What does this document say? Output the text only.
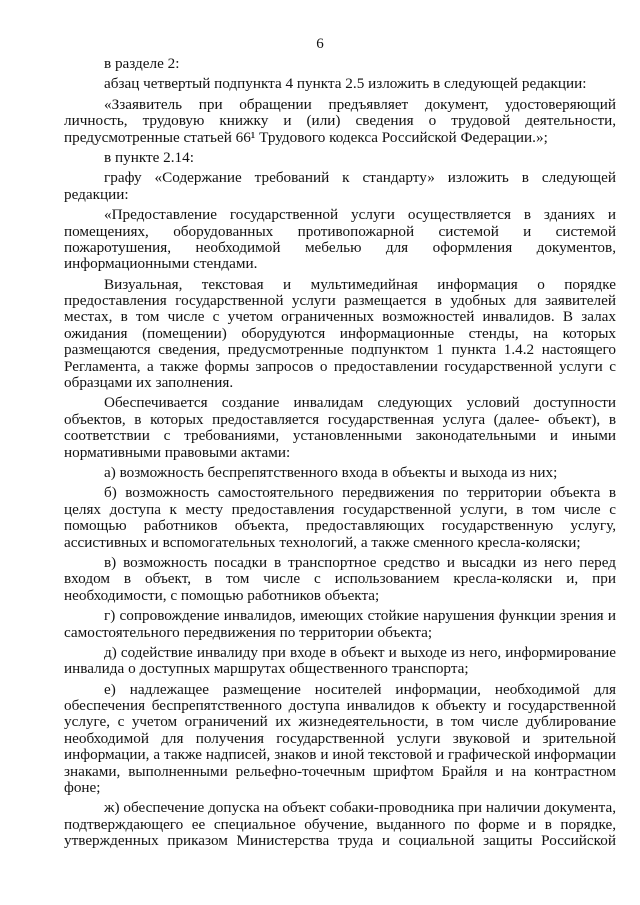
6
в разделе 2:
абзац четвертый подпункта 4 пункта 2.5 изложить в следующей редакции:
«Ззаявитель при обращении предъявляет документ, удостоверяющий
личность, трудовую книжку и (или) сведения о трудовой деятельности,
предусмотренные статьей 66¹ Трудового кодекса Российской Федерации.»;
в пункте 2.14:
графу «Содержание требований к стандарту» изложить в следующей
редакции:
«Предоставление государственной услуги осуществляется в зданиях и
помещениях, оборудованных противопожарной системой и системой
пожаротушения, необходимой мебелью для оформления документов,
информационными стендами.
Визуальная, текстовая и мультимедийная информация о порядке
предоставления государственной услуги размещается в удобных для заявителей
местах, в том числе с учетом ограниченных возможностей инвалидов. В залах
ожидания (помещении) оборудуются информационные стенды, на которых
размещаются сведения, предусмотренные подпунктом 1 пункта 1.4.2 настоящего
Регламента, а также формы запросов о предоставлении государственной услуги с
образцами их заполнения.
Обеспечивается создание инвалидам следующих условий доступности
объектов, в которых предоставляется государственная услуга (далее- объект), в
соответствии с требованиями, установленными законодательными и иными
нормативными правовыми актами:
а) возможность беспрепятственного входа в объекты и выхода из них;
б) возможность самостоятельного передвижения по территории объекта в
целях доступа к месту предоставления государственной услуги, в том числе с
помощью работников объекта, предоставляющих государственную услугу,
ассистивных и вспомогательных технологий, а также сменного кресла-коляски;
в) возможность посадки в транспортное средство и высадки из него перед
входом в объект, в том числе с использованием кресла-коляски и, при
необходимости, с помощью работников объекта;
г) сопровождение инвалидов, имеющих стойкие нарушения функции зрения и
самостоятельного передвижения по территории объекта;
д) содействие инвалиду при входе в объект и выходе из него, информирование
инвалида о доступных маршрутах общественного транспорта;
е) надлежащее размещение носителей информации, необходимой для
обеспечения беспрепятственного доступа инвалидов к объекту и государственной
услуге, с учетом ограничений их жизнедеятельности, в том числе дублирование
необходимой для получения государственной услуги звуковой и зрительной
информации, а также надписей, знаков и иной текстовой и графической информации
знаками, выполненными рельефно-точечным шрифтом Брайля и на контрастном
фоне;
ж) обеспечение допуска на объект собаки-проводника при наличии документа,
подтверждающего ее специальное обучение, выданного по форме и в порядке,
утвержденных приказом Министерства труда и социальной защиты Российской
